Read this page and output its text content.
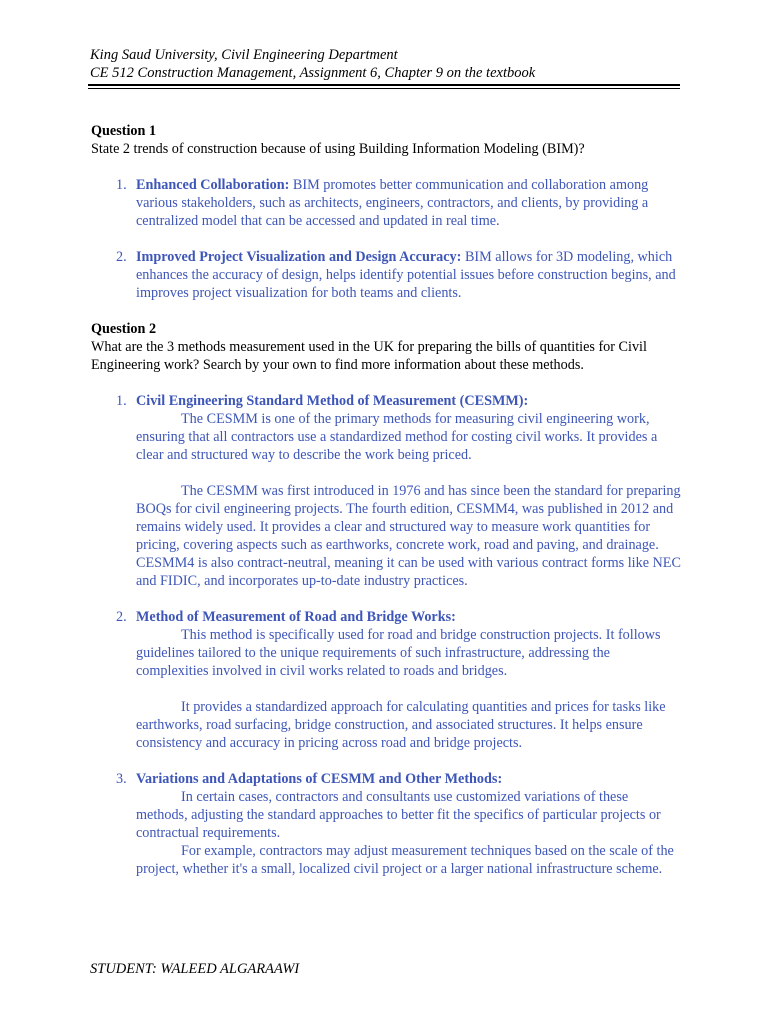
King Saud University, Civil Engineering Department
CE 512 Construction Management, Assignment 6, Chapter 9 on the textbook
Question 1
State 2 trends of construction because of using Building Information Modeling (BIM)?
1. Enhanced Collaboration: BIM promotes better communication and collaboration among various stakeholders, such as architects, engineers, contractors, and clients, by providing a centralized model that can be accessed and updated in real time.
2. Improved Project Visualization and Design Accuracy: BIM allows for 3D modeling, which enhances the accuracy of design, helps identify potential issues before construction begins, and improves project visualization for both teams and clients.
Question 2
What are the 3 methods measurement used in the UK for preparing the bills of quantities for Civil Engineering work? Search by your own to find more information about these methods.
1. Civil Engineering Standard Method of Measurement (CESMM):

The CESMM is one of the primary methods for measuring civil engineering work, ensuring that all contractors use a standardized method for costing civil works. It provides a clear and structured way to describe the work being priced.

The CESMM was first introduced in 1976 and has since been the standard for preparing BOQs for civil engineering projects. The fourth edition, CESMM4, was published in 2012 and remains widely used. It provides a clear and structured way to measure work quantities for pricing, covering aspects such as earthworks, concrete work, road and paving, and drainage. CESMM4 is also contract-neutral, meaning it can be used with various contract forms like NEC and FIDIC, and incorporates up-to-date industry practices.

2. Method of Measurement of Road and Bridge Works:

This method is specifically used for road and bridge construction projects. It follows guidelines tailored to the unique requirements of such infrastructure, addressing the complexities involved in civil works related to roads and bridges.

It provides a standardized approach for calculating quantities and prices for tasks like earthworks, road surfacing, bridge construction, and associated structures. It helps ensure consistency and accuracy in pricing across road and bridge projects.

3. Variations and Adaptations of CESMM and Other Methods:

In certain cases, contractors and consultants use customized variations of these methods, adjusting the standard approaches to better fit the specifics of particular projects or contractual requirements.

For example, contractors may adjust measurement techniques based on the scale of the project, whether it's a small, localized civil project or a larger national infrastructure scheme.

STUDENT: WALEED ALGARAAWI
